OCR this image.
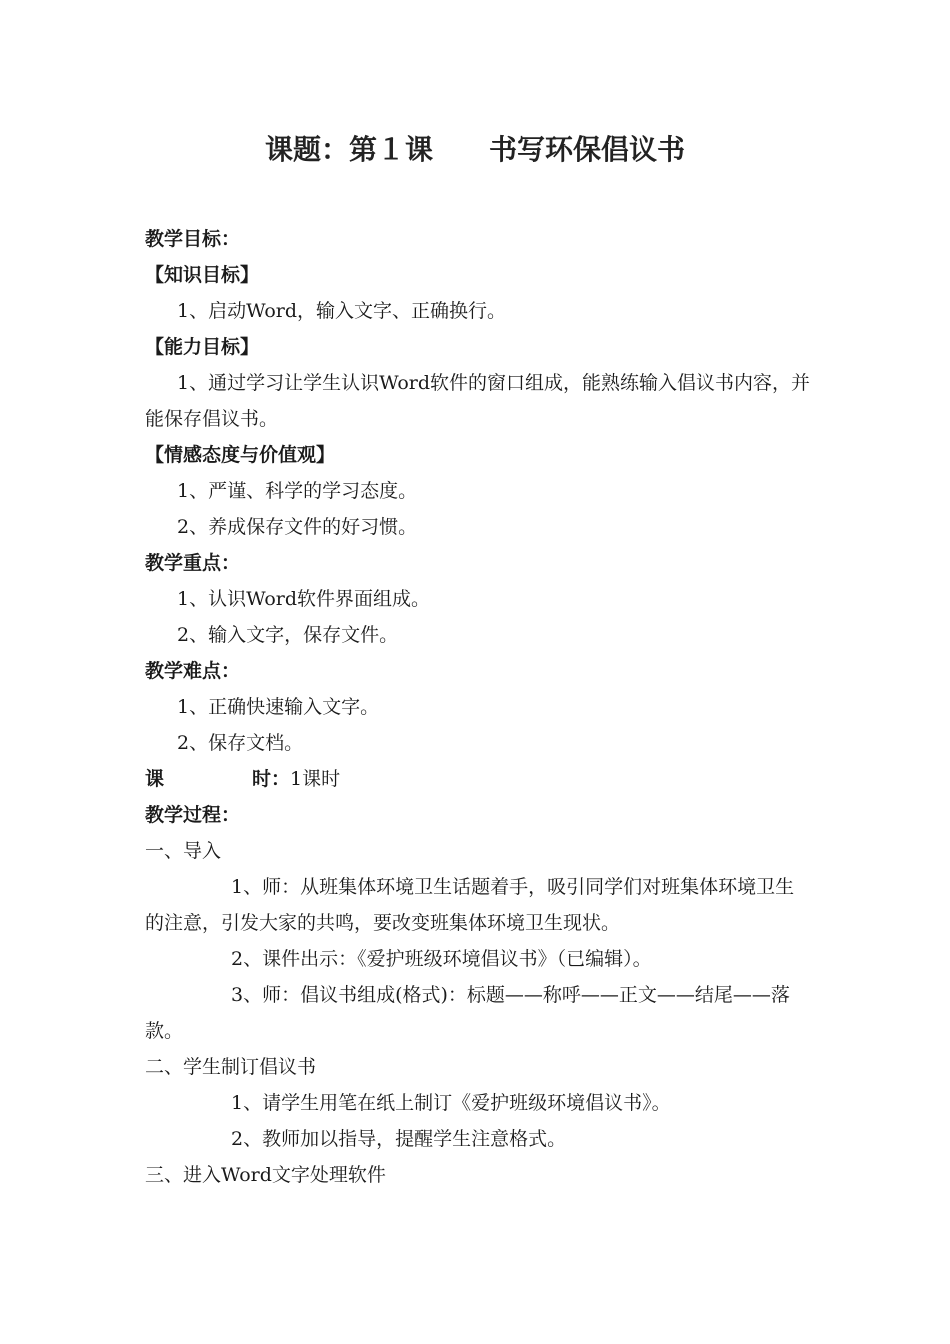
课题：第１课　　书写环保倡议书
教学目标：
【知识目标】
1、启动Word，输入文字、正确换行。
【能力目标】
1、通过学习让学生认识Word软件的窗口组成，能熟练输入倡议书内容，并能保存倡议书。
【情感态度与价值观】
1、严谨、科学的学习态度。
2、养成保存文件的好习惯。
教学重点：
1、认识Word软件界面组成。
2、输入文字，保存文件。
教学难点：
1、正确快速输入文字。
2、保存文档。
课	时：1课时
教学过程：
一、导入
1、师：从班集体环境卫生话题着手，吸引同学们对班集体环境卫生的注意，引发大家的共鸣，要改变班集体环境卫生现状。
2、课件出示：《爱护班级环境倡议书》（已编辑）。
3、师：倡议书组成(格式)：标题——称呼——正文——结尾——落款。
二、学生制订倡议书
1、请学生用笔在纸上制订《爱护班级环境倡议书》。
2、教师加以指导，提醒学生注意格式。
三、进入Word文字处理软件
